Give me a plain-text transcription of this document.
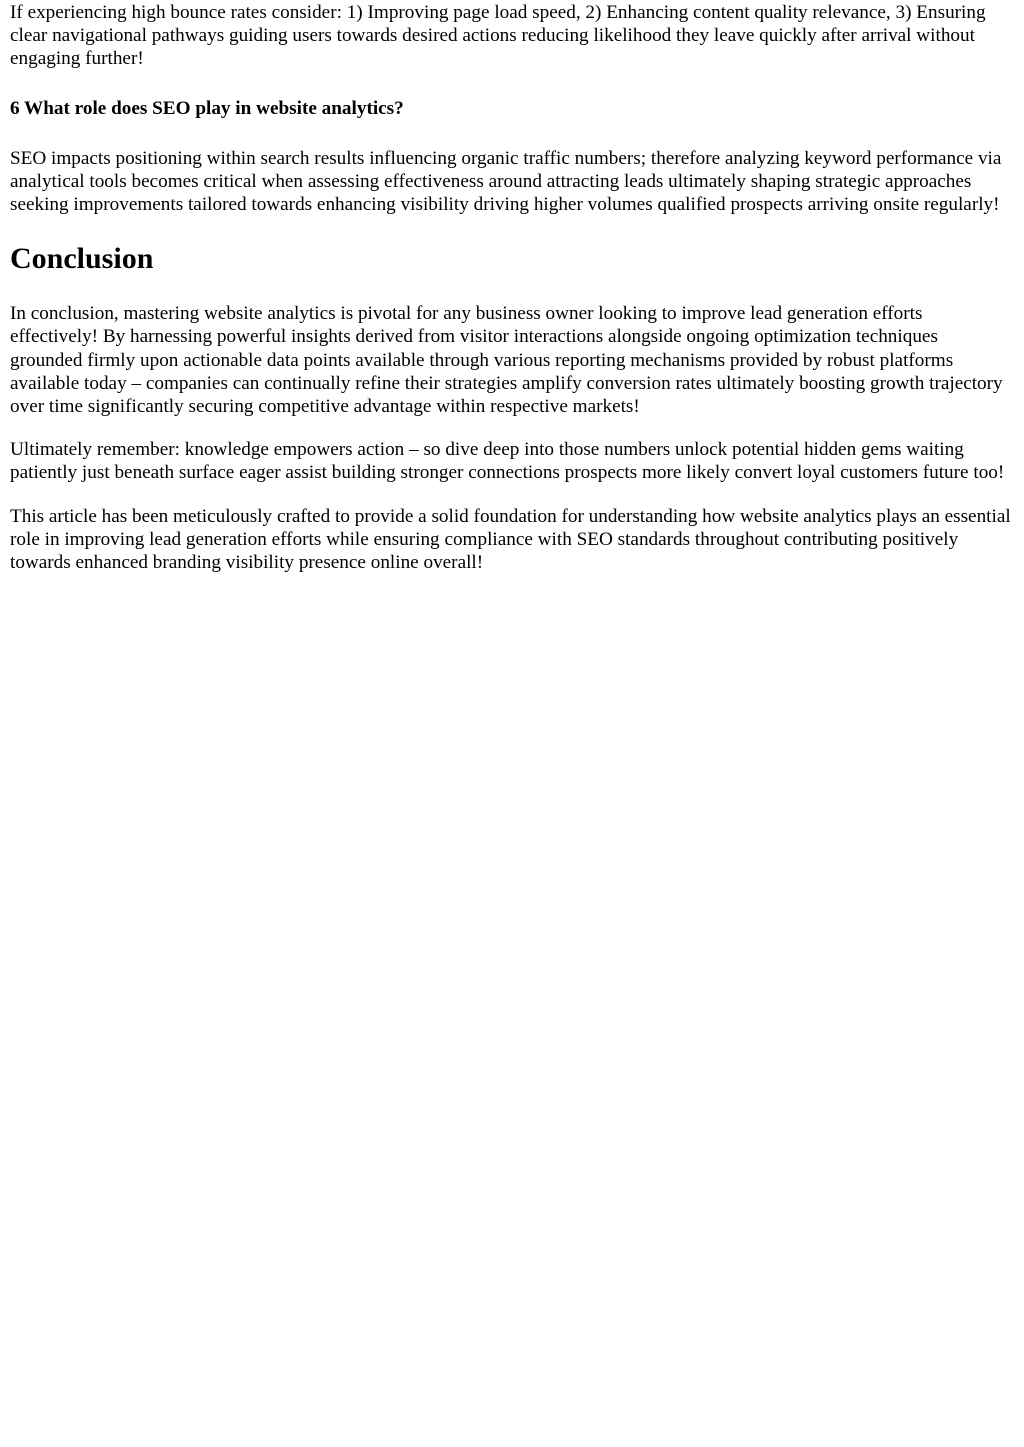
If experiencing high bounce rates consider: 1) Improving page load speed, 2) Enhancing content quality relevance, 3) Ensuring clear navigational pathways guiding users towards desired actions reducing likelihood they leave quickly after arrival without engaging further!

6 What role does SEO play in website analytics?

SEO impacts positioning within search results influencing organic traffic numbers; therefore analyzing keyword performance via analytical tools becomes critical when assessing effectiveness around attracting leads ultimately shaping strategic approaches seeking improvements tailored towards enhancing visibility driving higher volumes qualified prospects arriving onsite regularly!

Conclusion

In conclusion, mastering website analytics is pivotal for any business owner looking to improve lead generation efforts effectively! By harnessing powerful insights derived from visitor interactions alongside ongoing optimization techniques grounded firmly upon actionable data points available through various reporting mechanisms provided by robust platforms available today – companies can continually refine their strategies amplify conversion rates ultimately boosting growth trajectory over time significantly securing competitive advantage within respective markets!

Ultimately remember: knowledge empowers action – so dive deep into those numbers unlock potential hidden gems waiting patiently just beneath surface eager assist building stronger connections prospects more likely convert loyal customers future too!

This article has been meticulously crafted to provide a solid foundation for understanding how website analytics plays an essential role in improving lead generation efforts while ensuring compliance with SEO standards throughout contributing positively towards enhanced branding visibility presence online overall!
